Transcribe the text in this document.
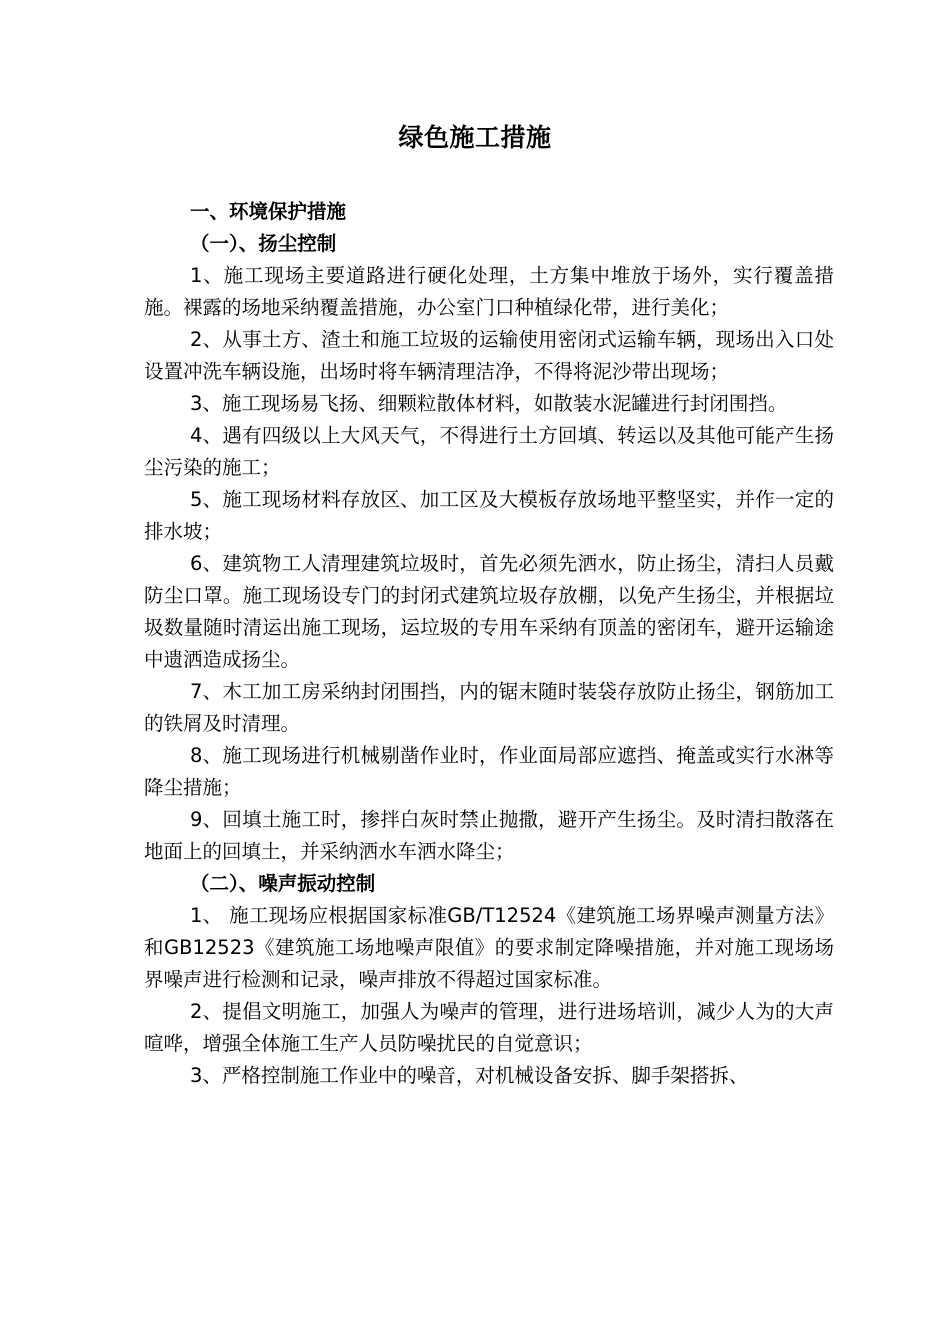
绿色施工措施

一、环境保护措施

（一）、扬尘控制

1、施工现场主要道路进行硬化处理，土方集中堆放于场外，实行覆盖措施。裸露的场地采纳覆盖措施，办公室门口种植绿化带，进行美化；

2、从事土方、渣土和施工垃圾的运输使用密闭式运输车辆，现场出入口处设置冲洗车辆设施，出场时将车辆清理洁净，不得将泥沙带出现场；

3、施工现场易飞扬、细颗粒散体材料，如散装水泥罐进行封闭围挡。

4、遇有四级以上大风天气，不得进行土方回填、转运以及其他可能产生扬尘污染的施工；

5、施工现场材料存放区、加工区及大模板存放场地平整坚实，并作一定的排水坡；

6、建筑物工人清理建筑垃圾时，首先必须先洒水，防止扬尘，清扫人员戴防尘口罩。施工现场设专门的封闭式建筑垃圾存放棚，以免产生扬尘，并根据垃圾数量随时清运出施工现场，运垃圾的专用车采纳有顶盖的密闭车，避开运输途中遗洒造成扬尘。

7、木工加工房采纳封闭围挡，内的锯末随时装袋存放防止扬尘，钢筋加工的铁屑及时清理。

8、施工现场进行机械剔凿作业时，作业面局部应遮挡、掩盖或实行水淋等降尘措施；

9、回填土施工时，掺拌白灰时禁止抛撒，避开产生扬尘。及时清扫散落在地面上的回填土，并采纳洒水车洒水降尘；

（二）、噪声振动控制

1、 施工现场应根据国家标准GB/T12524《建筑施工场界噪声测量方法》和GB12523《建筑施工场地噪声限值》的要求制定降噪措施，并对施工现场场界噪声进行检测和记录，噪声排放不得超过国家标准。

2、提倡文明施工，加强人为噪声的管理，进行进场培训，减少人为的大声喧哗，增强全体施工生产人员防噪扰民的自觉意识；

3、严格控制施工作业中的噪音，对机械设备安拆、脚手架搭拆、
